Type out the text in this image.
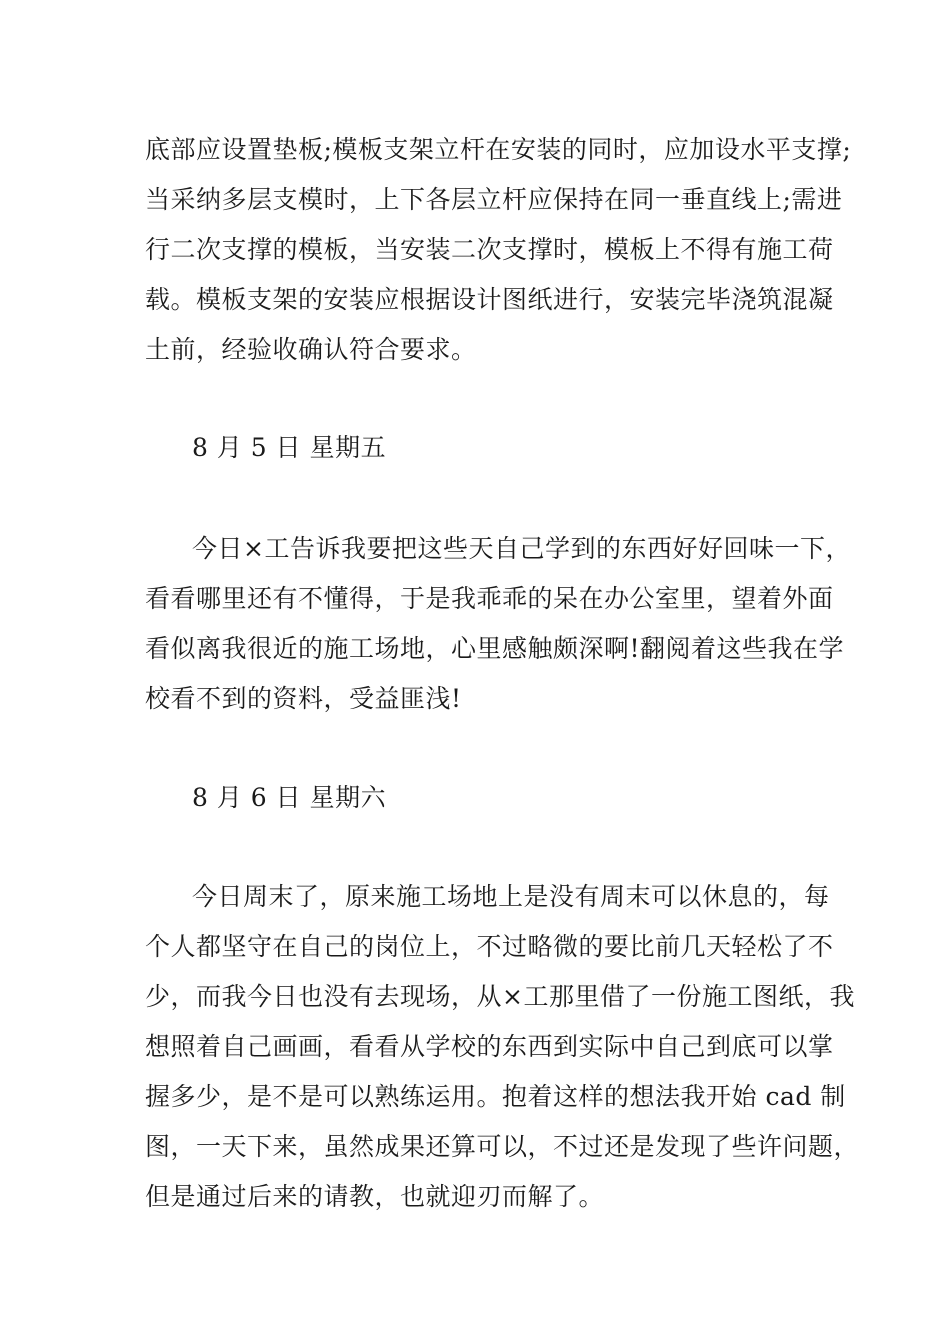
底部应设置垫板;模板支架立杆在安装的同时，应加设水平支撑;
当采纳多层支模时，上下各层立杆应保持在同一垂直线上;需进
行二次支撑的模板，当安装二次支撑时，模板上不得有施工荷
载。模板支架的安装应根据设计图纸进行，安装完毕浇筑混凝
土前，经验收确认符合要求。
8 月 5 日 星期五
今日×工告诉我要把这些天自己学到的东西好好回味一下，
看看哪里还有不懂得，于是我乖乖的呆在办公室里，望着外面
看似离我很近的施工场地，心里感触颇深啊!翻阅着这些我在学
校看不到的资料，受益匪浅!
8 月 6 日 星期六
今日周末了，原来施工场地上是没有周末可以休息的，每
个人都坚守在自己的岗位上，不过略微的要比前几天轻松了不
少，而我今日也没有去现场，从×工那里借了一份施工图纸，我
想照着自己画画，看看从学校的东西到实际中自己到底可以掌
握多少，是不是可以熟练运用。抱着这样的想法我开始 cad 制
图，一天下来，虽然成果还算可以，不过还是发现了些许问题，
但是通过后来的请教，也就迎刃而解了。
